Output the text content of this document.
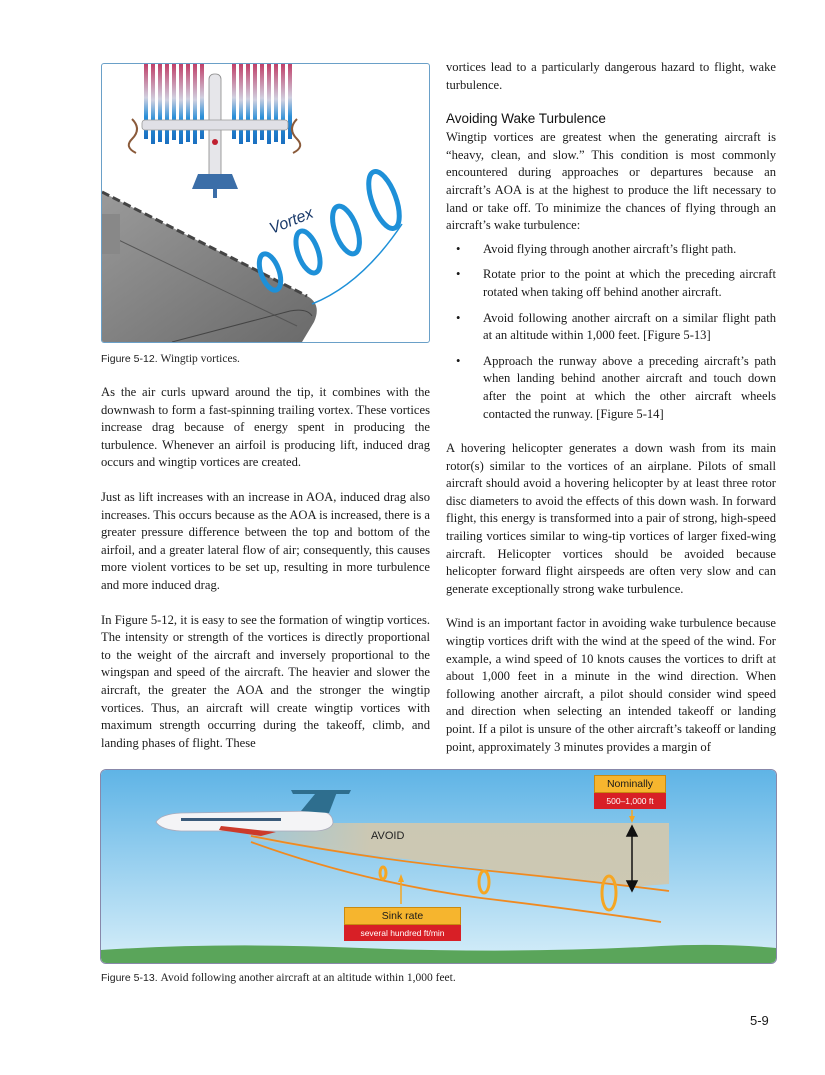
Vortex
Figure 5-12. Wingtip vortices.

As the air curls upward around the tip, it combines with the downwash to form a fast-spinning trailing vortex. These vortices increase drag because of energy spent in producing the turbulence. Whenever an airfoil is producing lift, induced drag occurs and wingtip vortices are created.

Just as lift increases with an increase in AOA, induced drag also increases. This occurs because as the AOA is increased, there is a greater pressure difference between the top and bottom of the airfoil, and a greater lateral flow of air; consequently, this causes more violent vortices to be set up, resulting in more turbulence and more induced drag.

In Figure 5-12, it is easy to see the formation of wingtip vortices. The intensity or strength of the vortices is directly proportional to the weight of the aircraft and inversely proportional to the wingspan and speed of the aircraft. The heavier and slower the aircraft, the greater the AOA and the stronger the wingtip vortices. Thus, an aircraft will create wingtip vortices with maximum strength occurring during the takeoff, climb, and landing phases of flight. These

vortices lead to a particularly dangerous hazard to flight, wake turbulence.

Avoiding Wake Turbulence

Wingtip vortices are greatest when the generating aircraft is “heavy, clean, and slow.” This condition is most commonly encountered during approaches or departures because an aircraft’s AOA is at the highest to produce the lift necessary to land or take off. To minimize the chances of flying through an aircraft’s wake turbulence:

• Avoid flying through another aircraft’s flight path.
• Rotate prior to the point at which the preceding aircraft rotated when taking off behind another aircraft.
• Avoid following another aircraft on a similar flight path at an altitude within 1,000 feet. [Figure 5-13]
• Approach the runway above a preceding aircraft’s path when landing behind another aircraft and touch down after the point at which the other aircraft wheels contacted the runway. [Figure 5-14]

A hovering helicopter generates a down wash from its main rotor(s) similar to the vortices of an airplane. Pilots of small aircraft should avoid a hovering helicopter by at least three rotor disc diameters to avoid the effects of this down wash. In forward flight, this energy is transformed into a pair of strong, high-speed trailing vortices similar to wing-tip vortices of larger fixed-wing aircraft. Helicopter vortices should be avoided because helicopter forward flight airspeeds are often very slow and can generate exceptionally strong wake turbulence.

Wind is an important factor in avoiding wake turbulence because wingtip vortices drift with the wind at the speed of the wind. For example, a wind speed of 10 knots causes the vortices to drift at about 1,000 feet in a minute in the wind direction. When following another aircraft, a pilot should consider wind speed and direction when selecting an intended takeoff or landing point. If a pilot is unsure of the other aircraft’s takeoff or landing point, approximately 3 minutes provides a margin of

AVOID
Nominally
500–1,000 ft
Sink rate
several hundred ft/min
Figure 5-13. Avoid following another aircraft at an altitude within 1,000 feet.
5-9
